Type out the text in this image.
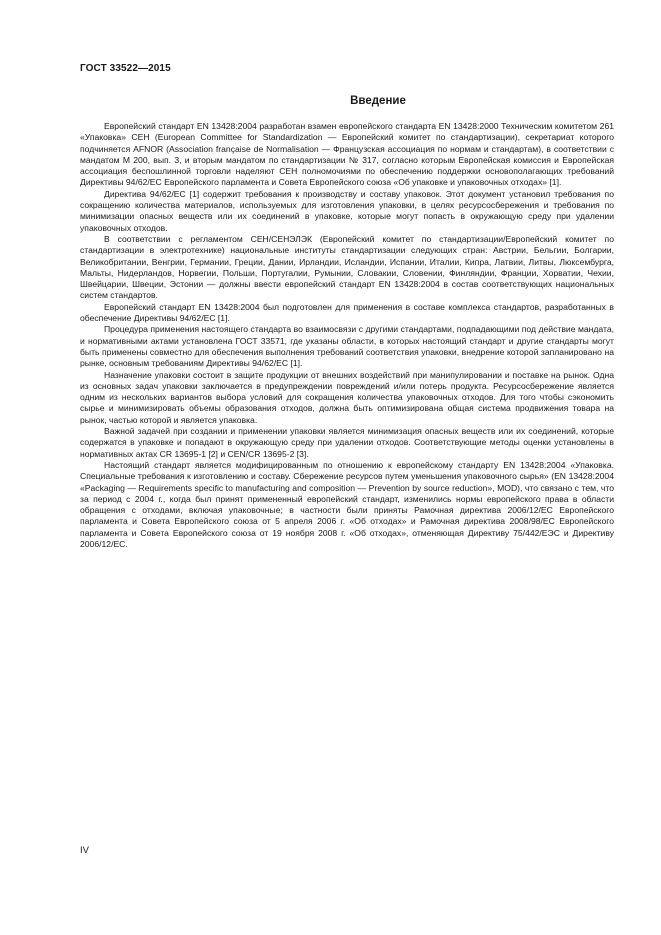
ГОСТ 33522—2015
Введение

Европейский стандарт EN 13428:2004 разработан взамен европейского стандарта EN 13428:2000 Техническим комитетом 261 «Упаковка» CEH (European Committee for Standardization — Европейский комитет по стандартизации), секретариат которого подчиняется AFNOR (Association française de Normalisation — Французская ассоциация по нормам и стандартам), в соответствии с мандатом M 200, вып. 3, и вторым мандатом по стандартизации № 317, согласно которым Европейская комиссия и Европейская ассоциация беспошлинной торговли наделяют CEH полномочиями по обеспечению поддержки основополагающих требований Директивы 94/62/ЕС Европейского парламента и Совета Европейского союза «Об упаковке и упаковочных отходах» [1].

Директива 94/62/ЕС [1] содержит требования к производству и составу упаковок. Этот документ установил требования по сокращению количества материалов, используемых для изготовления упаковки, в целях ресурсосбережения и требования по минимизации опасных веществ или их соединений в упаковке, которые могут попасть в окружающую среду при удалении упаковочных отходов.

В соответствии с регламентом CEH/СЕНЭЛЭК (Европейский комитет по стандартизации/Европейский комитет по стандартизации в электротехнике) национальные институты стандартизации следующих стран: Австрии, Бельгии, Болгарии, Великобритании, Венгрии, Германии, Греции, Дании, Ирландии, Исландии, Испании, Италии, Кипра, Латвии, Литвы, Люксембурга, Мальты, Нидерландов, Норвегии, Польши, Португалии, Румынии, Словакии, Словении, Финляндии, Франции, Хорватии, Чехии, Швейцарии, Швеции, Эстонии — должны ввести европейский стандарт EN 13428:2004 в состав соответствующих национальных систем стандартов.

Европейский стандарт EN 13428:2004 был подготовлен для применения в составе комплекса стандартов, разработанных в обеспечение Директивы 94/62/ЕС [1].

Процедура применения настоящего стандарта во взаимосвязи с другими стандартами, подпадающими под действие мандата, и нормативными актами установлена ГОСТ 33571, где указаны области, в которых настоящий стандарт и другие стандарты могут быть применены совместно для обеспечения выполнения требований соответствия упаковки, внедрение которой запланировано на рынке, основным требованиям Директивы 94/62/ЕС [1].

Назначение упаковки состоит в защите продукции от внешних воздействий при манипулировании и поставке на рынок. Одна из основных задач упаковки заключается в предупреждении повреждений и/или потерь продукта. Ресурсосбережение является одним из нескольких вариантов выбора условий для сокращения количества упаковочных отходов. Для того чтобы сэкономить сырье и минимизировать объемы образования отходов, должна быть оптимизирована общая система продвижения товара на рынок, частью которой и является упаковка.

Важной задачей при создании и применении упаковки является минимизация опасных веществ или их соединений, которые содержатся в упаковке и попадают в окружающую среду при удалении отходов. Соответствующие методы оценки установлены в нормативных актах CR 13695-1 [2] и CEN/CR 13695-2 [3].

Настоящий стандарт является модифицированным по отношению к европейскому стандарту EN 13428:2004 «Упаковка. Специальные требования к изготовлению и составу. Сбережение ресурсов путем уменьшения упаковочного сырья» (EN 13428:2004 «Packaging — Requirements specific to manufacturing and composition — Prevention by source reduction», MOD), что связано с тем, что за период с 2004 г., когда был принят примененный европейский стандарт, изменились нормы европейского права в области обращения с отходами, включая упаковочные; в частности были приняты Рамочная директива 2006/12/ЕС Европейского парламента и Совета Европейского союза от 5 апреля 2006 г. «Об отходах» и Рамочная директива 2008/98/ЕС Европейского парламента и Совета Европейского союза от 19 ноября 2008 г. «Об отходах», отменяющая Директиву 75/442/ЕЭС и Директиву 2006/12/ЕС.

IV
